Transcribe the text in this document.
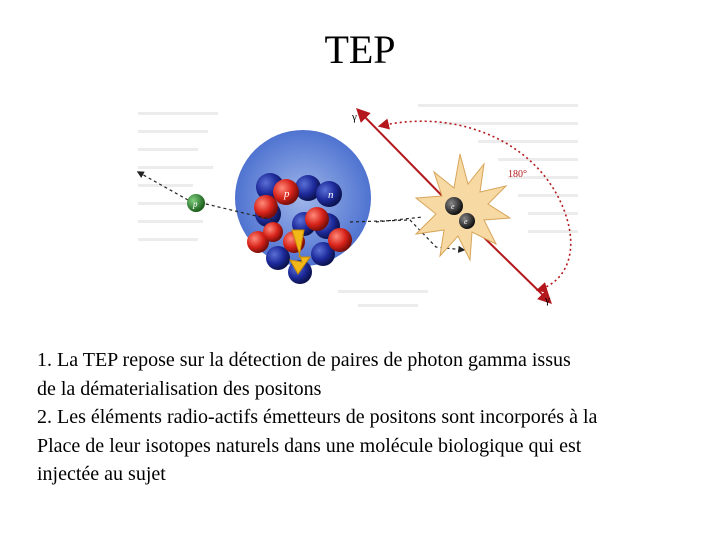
TEP
p	n
p
γ
γ
180°
e
e

1. La TEP repose sur la détection de paires de photon gamma issus

de la dématerialisation des positons

2. Les éléments radio-actifs émetteurs de positons sont incorporés à la

Place de leur isotopes naturels dans une molécule biologique qui est

injectée au sujet
